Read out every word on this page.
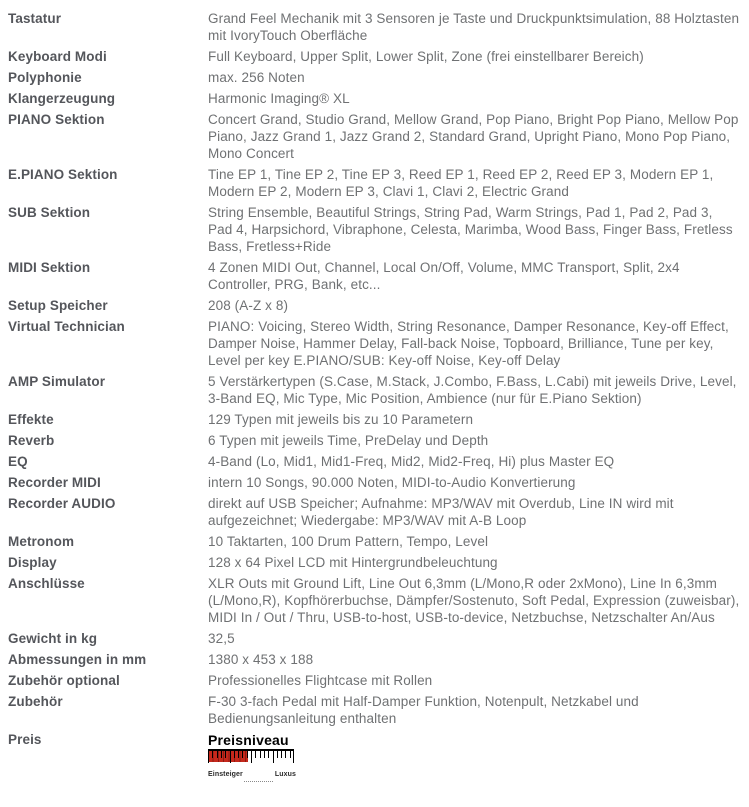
Tastatur	Grand Feel Mechanik mit 3 Sensoren je Taste und Druckpunktsimulation, 88 Holztasten mit IvoryTouch Oberfläche
Keyboard Modi	Full Keyboard, Upper Split, Lower Split, Zone (frei einstellbarer Bereich)
Polyphonie	max. 256 Noten
Klangerzeugung	Harmonic Imaging® XL
PIANO Sektion	Concert Grand, Studio Grand, Mellow Grand, Pop Piano, Bright Pop Piano, Mellow Pop Piano, Jazz Grand 1, Jazz Grand 2, Standard Grand, Upright Piano, Mono Pop Piano, Mono Concert
E.PIANO Sektion	Tine EP 1, Tine EP 2, Tine EP 3, Reed EP 1, Reed EP 2, Reed EP 3, Modern EP 1, Modern EP 2, Modern EP 3, Clavi 1, Clavi 2, Electric Grand
SUB Sektion	String Ensemble, Beautiful Strings, String Pad, Warm Strings, Pad 1, Pad 2, Pad 3, Pad 4, Harpsichord, Vibraphone, Celesta, Marimba, Wood Bass, Finger Bass, Fretless Bass, Fretless+Ride
MIDI Sektion	4 Zonen MIDI Out, Channel, Local On/Off, Volume, MMC Transport, Split, 2x4 Controller, PRG, Bank, etc...
Setup Speicher	208 (A-Z x 8)
Virtual Technician	PIANO: Voicing, Stereo Width, String Resonance, Damper Resonance, Key-off Effect, Damper Noise, Hammer Delay, Fall-back Noise, Topboard, Brilliance, Tune per key, Level per key E.PIANO/SUB: Key-off Noise, Key-off Delay
AMP Simulator	5 Verstärkertypen (S.Case, M.Stack, J.Combo, F.Bass, L.Cabi) mit jeweils Drive, Level, 3-Band EQ, Mic Type, Mic Position, Ambience (nur für E.Piano Sektion)
Effekte	129 Typen mit jeweils bis zu 10 Parametern
Reverb	6 Typen mit jeweils Time, PreDelay und Depth
EQ	4-Band (Lo, Mid1, Mid1-Freq, Mid2, Mid2-Freq, Hi) plus Master EQ
Recorder MIDI	intern 10 Songs, 90.000 Noten, MIDI-to-Audio Konvertierung
Recorder AUDIO	direkt auf USB Speicher; Aufnahme: MP3/WAV mit Overdub, Line IN wird mit aufgezeichnet; Wiedergabe: MP3/WAV mit A-B Loop
Metronom	10 Taktarten, 100 Drum Pattern, Tempo, Level
Display	128 x 64 Pixel LCD mit Hintergrundbeleuchtung
Anschlüsse	XLR Outs mit Ground Lift, Line Out 6,3mm (L/Mono,R oder 2xMono), Line In 6,3mm (L/Mono,R), Kopfhörerbuchse, Dämpfer/Sostenuto, Soft Pedal, Expression (zuweisbar), MIDI In / Out / Thru, USB-to-host, USB-to-device, Netzbuchse, Netzschalter An/Aus
Gewicht in kg	32,5
Abmessungen in mm	1380 x 453 x 188
Zubehör optional	Professionelles Flightcase mit Rollen
Zubehör	F-30 3-fach Pedal mit Half-Damper Funktion, Notenpult, Netzkabel und Bedienungsanleitung enthalten
Preis	Preisniveau
Einsteiger	Luxus
